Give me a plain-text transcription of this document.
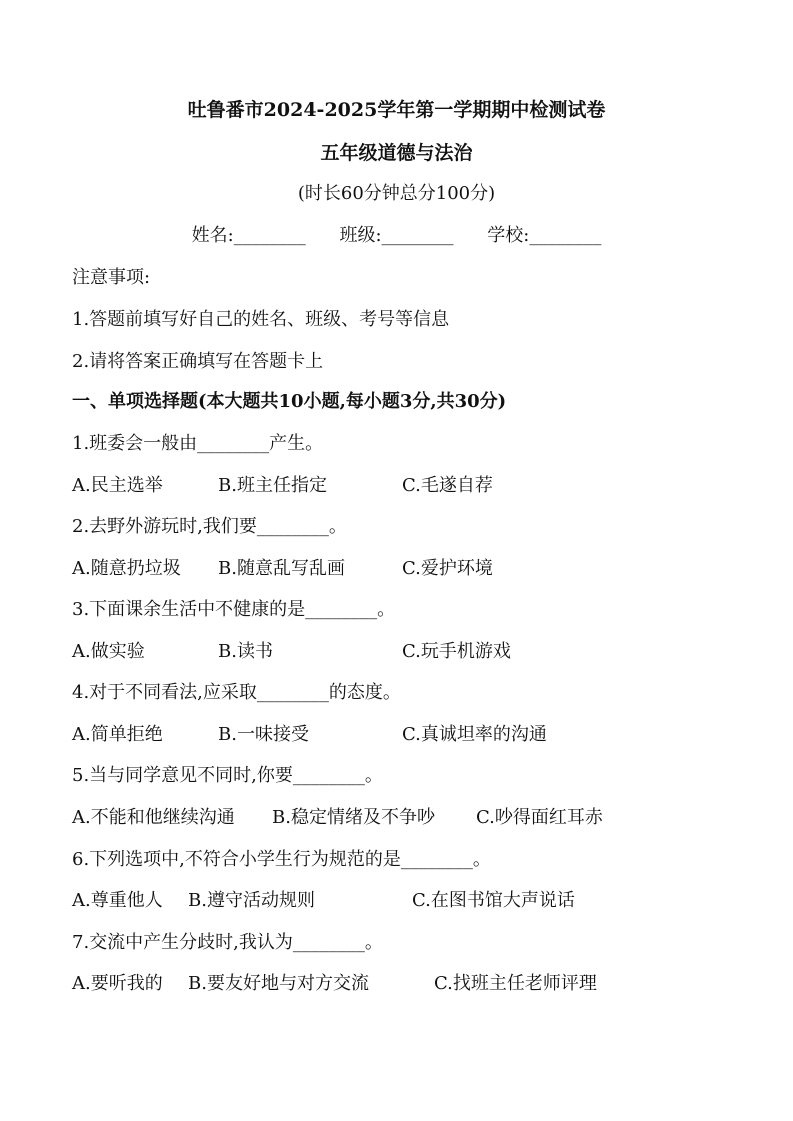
吐鲁番市2024-2025学年第一学期期中检测试卷
五年级道德与法治
(时长60分钟总分100分)
姓名:________ 班级:________ 学校:________
注意事项:
1.答题前填写好自己的姓名、班级、考号等信息
2.请将答案正确填写在答题卡上
一、单项选择题(本大题共10小题,每小题3分,共30分)
1.班委会一般由________产生。
A.民主选举	B.班主任指定	C.毛遂自荐
2.去野外游玩时,我们要________。
A.随意扔垃圾 B.随意乱写乱画	C.爱护环境
3.下面课余生活中不健康的是________。
A.做实验	B.读书	C.玩手机游戏
4.对于不同看法,应采取________的态度。
A.简单拒绝	B.一味接受	C.真诚坦率的沟通
5.当与同学意见不同时,你要________。
A.不能和他继续沟通 B.稳定情绪及不争吵 C.吵得面红耳赤
6.下列选项中,不符合小学生行为规范的是________。
A.尊重他人 B.遵守活动规则	C.在图书馆大声说话
7.交流中产生分歧时,我认为________。
A.要听我的 B.要友好地与对方交流	C.找班主任老师评理
